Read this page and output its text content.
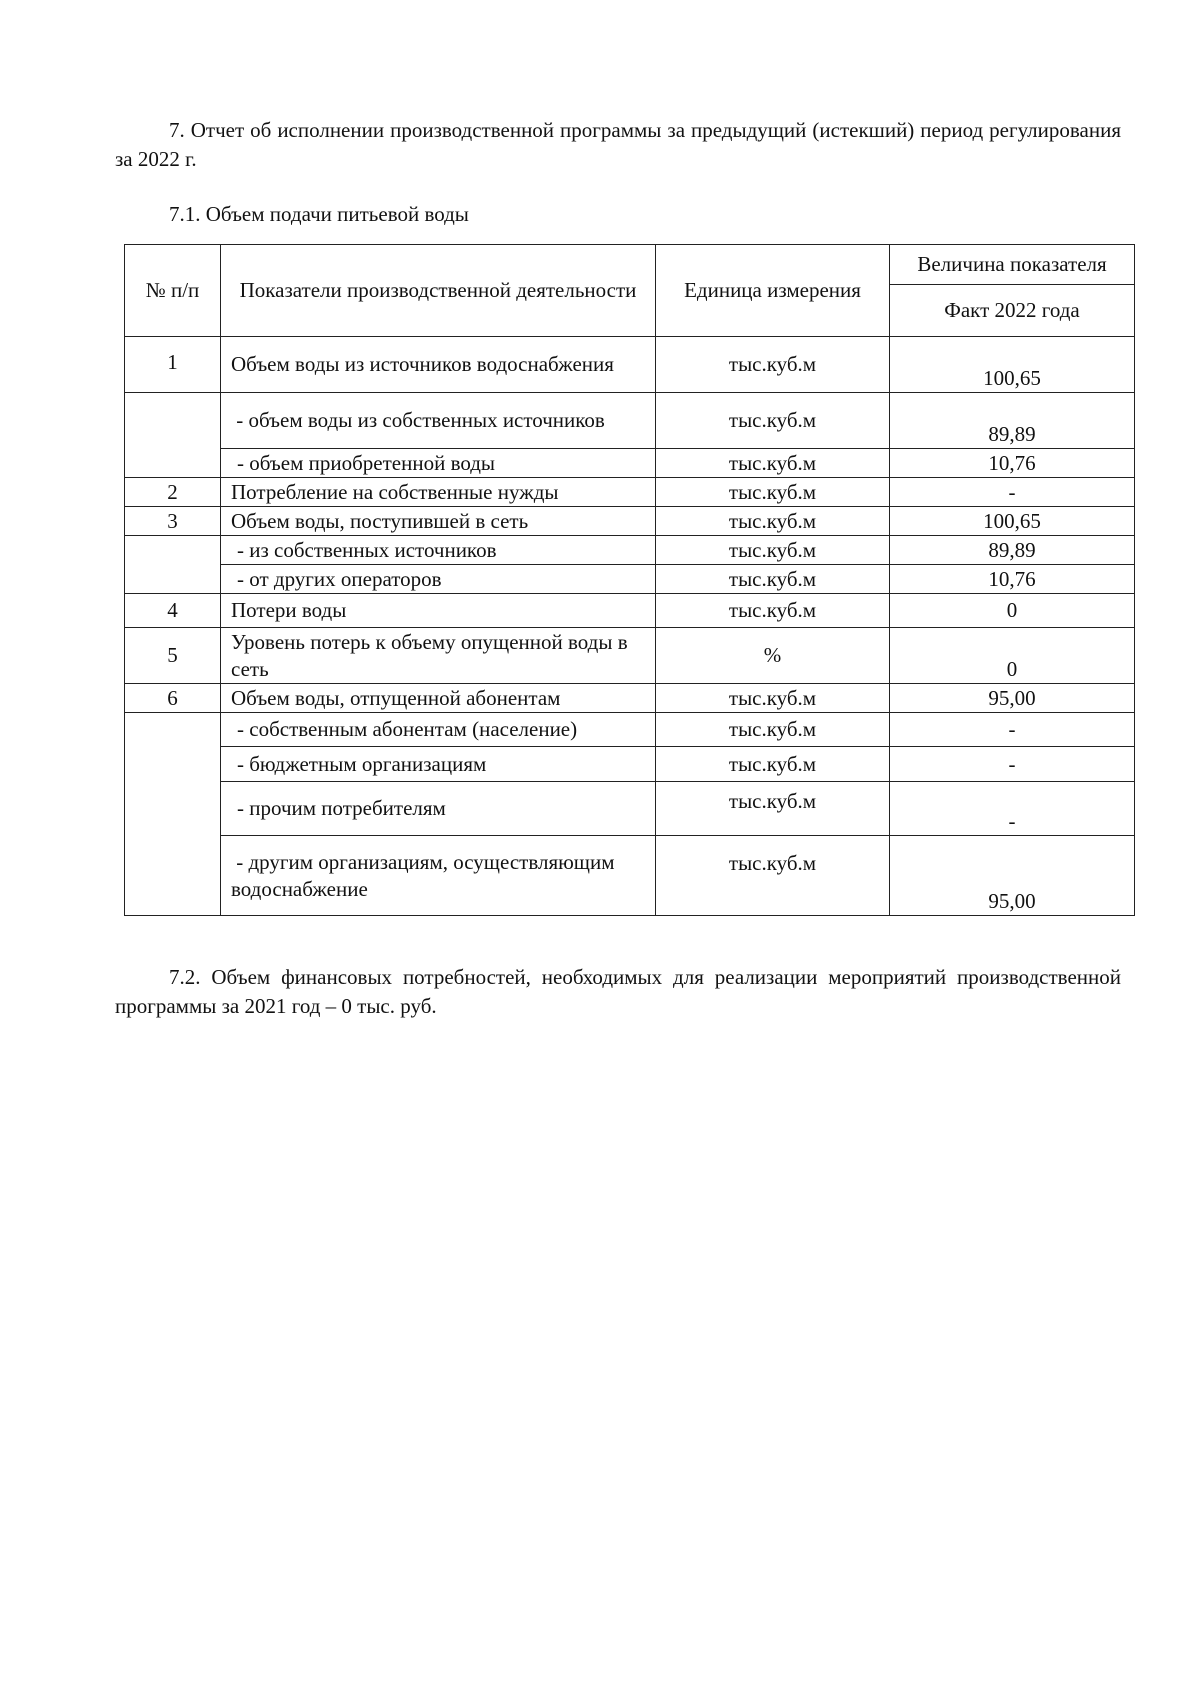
7. Отчет об исполнении производственной программы за предыдущий (истекший) период регулирования за 2022 г.
7.1. Объем подачи питьевой воды
№ п/п	Показатели производственной деятельности	Единица измерения	Величина показателя
			Факт 2022 года
1	Объем воды из источников водоснабжения	тыс.куб.м	100,65
	- объем воды из собственных источников	тыс.куб.м	89,89
	- объем приобретенной воды	тыс.куб.м	10,76
2	Потребление на собственные нужды	тыс.куб.м	-
3	Объем воды, поступившей в сеть	тыс.куб.м	100,65
	- из собственных источников	тыс.куб.м	89,89
	- от других операторов	тыс.куб.м	10,76
4	Потери воды	тыс.куб.м	0
5	Уровень потерь к объему опущенной воды в сеть	%	0
6	Объем воды, отпущенной абонентам	тыс.куб.м	95,00
	- собственным абонентам (население)	тыс.куб.м	-
	- бюджетным организациям	тыс.куб.м	-
	- прочим потребителям	тыс.куб.м	-
	- другим организациям, осуществляющим водоснабжение	тыс.куб.м	95,00
7.2. Объем финансовых потребностей, необходимых для реализации мероприятий производственной программы за 2021 год – 0 тыс. руб.
